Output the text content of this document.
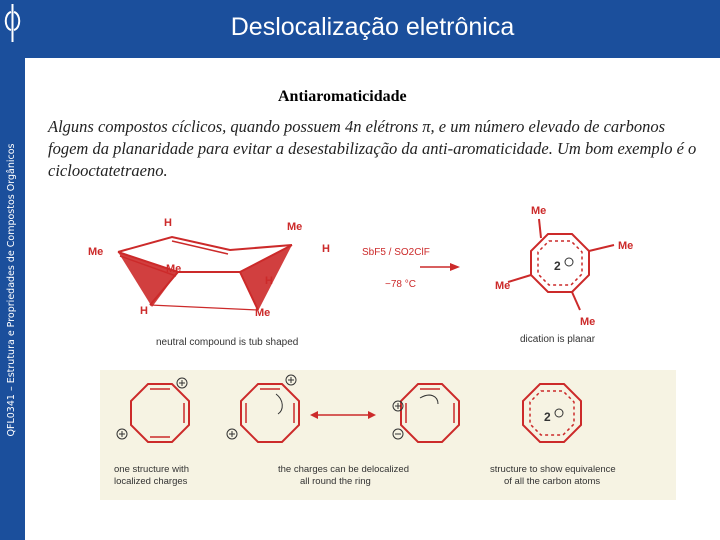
QFL0341 – Estrutura e Propriedades de Compostos Orgânicos
Deslocalização eletrônica
Antiaromaticidade
Alguns compostos cíclicos, quando possuem 4n elétrons π, e um número elevado de carbonos fogem da planaridade para evitar a desestabilização da anti-aromaticidade. Um bom exemplo é o ciclooctatetraeno.
H	Me
Me	H
Me
H
H	Me
neutral compound is tub shaped
SbF5 / SO2ClF
−78 °C
Me
Me
Me
Me
2
dication is planar
one structure with
localized charges
the charges can be delocalized
all round the ring
2
structure to show equivalence
of all the carbon atoms
